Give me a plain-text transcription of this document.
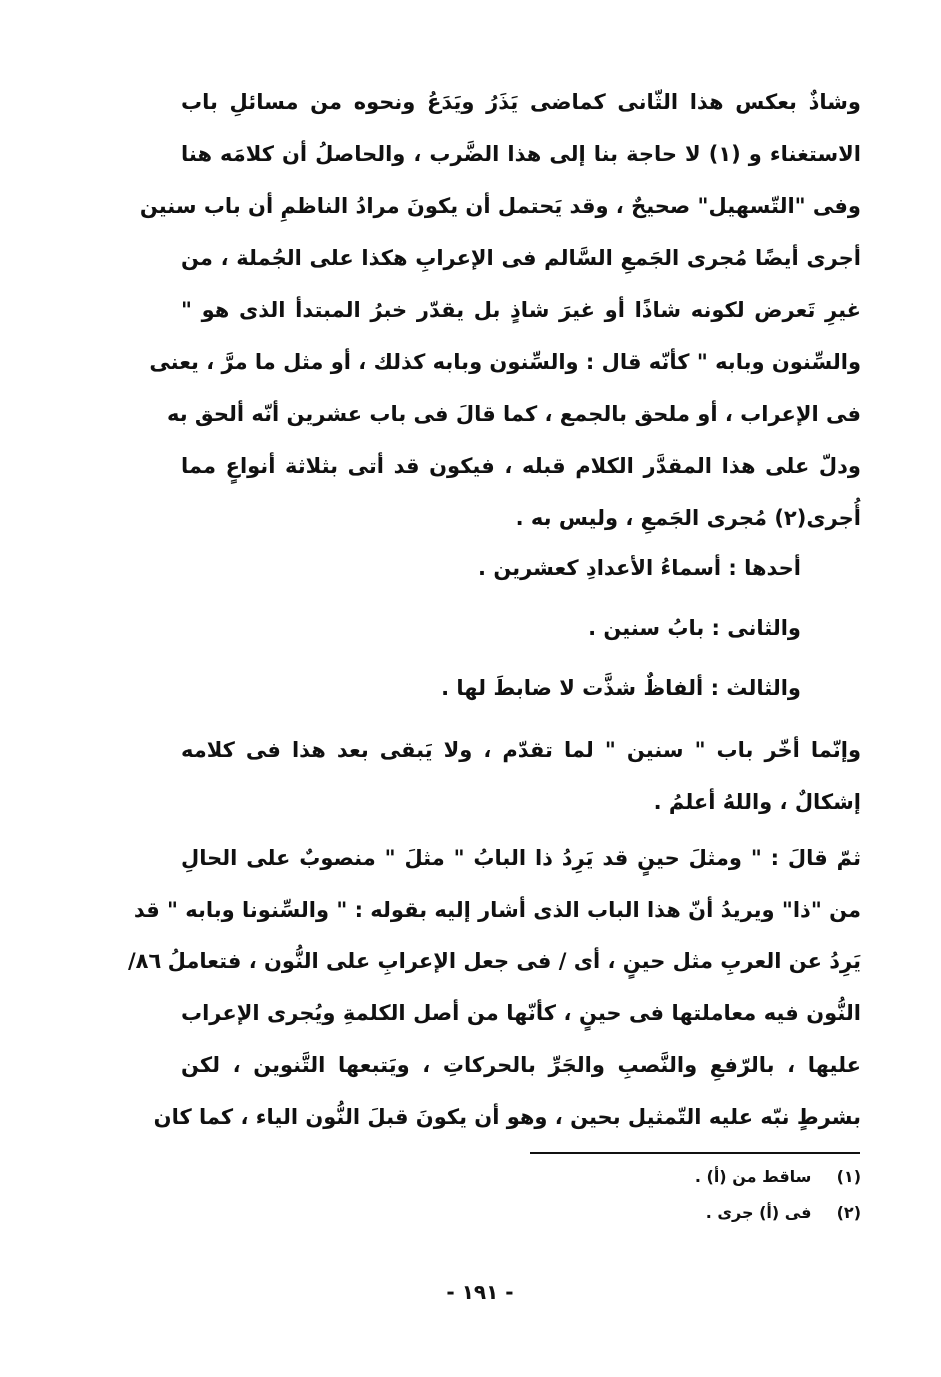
وشاذٌ بعكس هذا الثّانى كماضى يَذَرُ ويَدَعُ ونحوه من مسائلِ باب
الاستغناء و (١) لا حاجة بنا إلى هذا الضَّرب ، والحاصلُ أن كلامَه هنا
وفى "التّسهيل" صحيحٌ ، وقد يَحتمل أن يكونَ مرادُ الناظمِ أن باب سنين
أجرى أيضًا مُجرى الجَمعِ السَّالم فى الإعرابِ هكذا على الجُملة ، من
غيرِ تَعرض لكونه شاذًا أو غيرَ شاذٍ بل يقدّر خبرُ المبتدأ الذى هو "
والسِّنون وبابه " كأنّه قال : والسِّنون وبابه كذلك ، أو مثل ما مرَّ ، يعنى
فى الإعراب ، أو ملحق بالجمع ، كما قالَ فى باب عشرين أنّه ألحق به
ودلّ على هذا المقدَّر الكلام قبله ، فيكون قد أتى بثلاثة أنواعٍ مما
أُجرى(٢) مُجرى الجَمعِ ، وليس به .
أحدها : أسماءُ الأعدادِ كعشرين .
والثانى : بابُ سنين .
والثالث : ألفاظٌ شذَّت لا ضابطَ لها .
وإنّما أخّر باب " سنين " لما تقدّم ، ولا يَبقى بعد هذا فى كلامه
إشكالٌ ، واللهُ أعلمُ .
ثمّ قالَ : " ومثلَ حينٍ قد يَرِدُ ذا البابُ " مثلَ " منصوبٌ على الحالِ
من "ذا" ويريدُ أنّ هذا الباب الذى أشار إليه بقوله : " والسِّنونا وبابه " قد
يَرِدُ عن العربِ مثل حينٍ ، أى / فى جعل الإعرابِ على النُّون ، فتعاملُ
النُّون فيه معاملتها فى حينٍ ، كأنّها من أصل الكلمةِ ويُجرى الإعراب
عليها ، بالرّفعِ والنَّصبِ والجَرِّ بالحركاتِ ، ويَتبعها التَّنوين ، لكن
بشرطٍ نبّه عليه التّمثيل بحين ، وهو أن يكونَ قبلَ النُّون الياء ، كما كان
٨٦/
(١) ساقط من (أ) .
(٢) فى (أ) جرى .
- ١٩١ -
